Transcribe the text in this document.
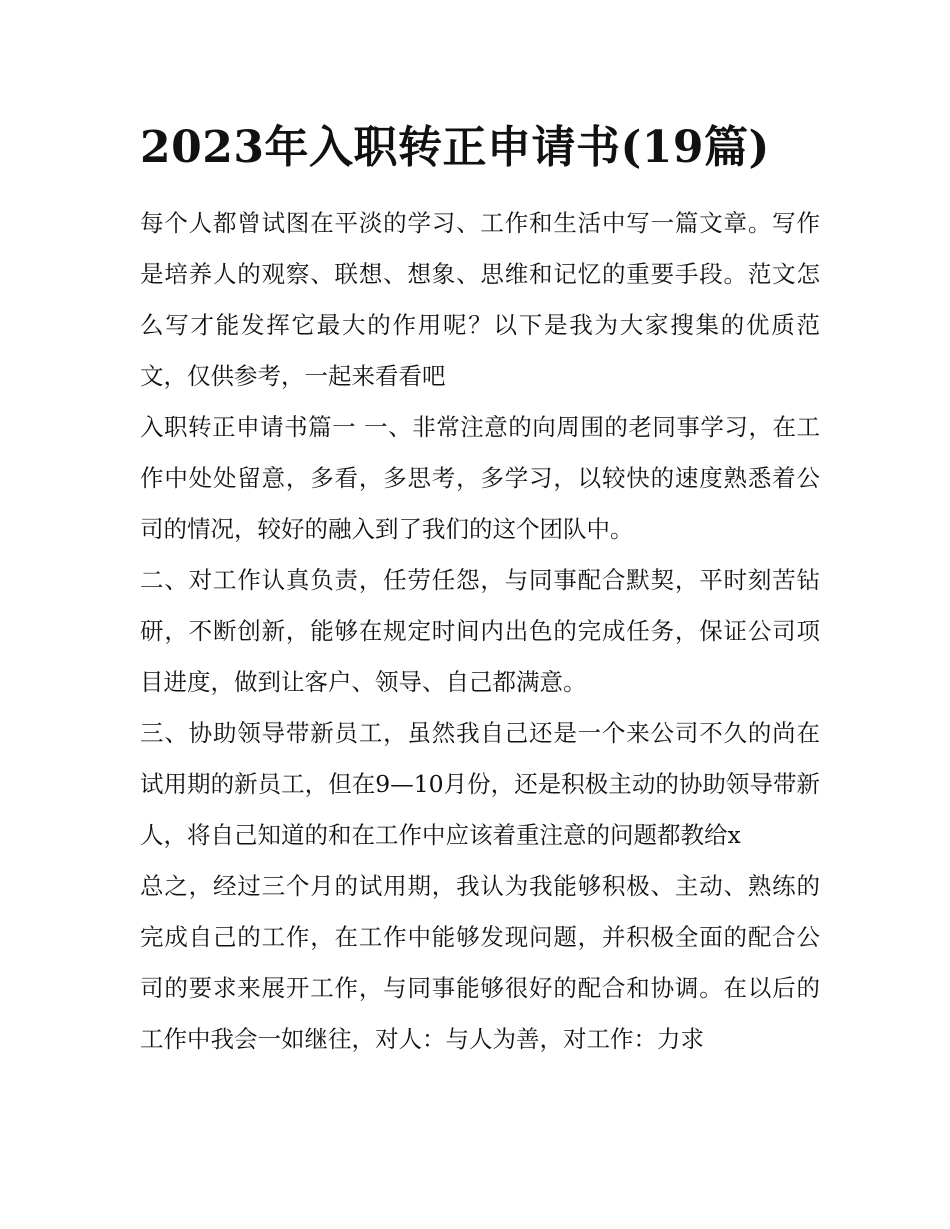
2023年入职转正申请书(19篇)

每个人都曾试图在平淡的学习、工作和生活中写一篇文章。写作是培养人的观察、联想、想象、思维和记忆的重要手段。范文怎么写才能发挥它最大的作用呢？以下是我为大家搜集的优质范文，仅供参考，一起来看看吧

入职转正申请书篇一 一、非常注意的向周围的老同事学习，在工作中处处留意，多看，多思考，多学习，以较快的速度熟悉着公司的情况，较好的融入到了我们的这个团队中。

二、对工作认真负责，任劳任怨，与同事配合默契，平时刻苦钻研，不断创新，能够在规定时间内出色的完成任务，保证公司项目进度，做到让客户、领导、自己都满意。

三、协助领导带新员工，虽然我自己还是一个来公司不久的尚在试用期的新员工，但在9—10月份，还是积极主动的协助领导带新人，将自己知道的和在工作中应该着重注意的问题都教给x

总之，经过三个月的试用期，我认为我能够积极、主动、熟练的完成自己的工作，在工作中能够发现问题，并积极全面的配合公司的要求来展开工作，与同事能够很好的配合和协调。在以后的工作中我会一如继往，对人：与人为善，对工作：力求
